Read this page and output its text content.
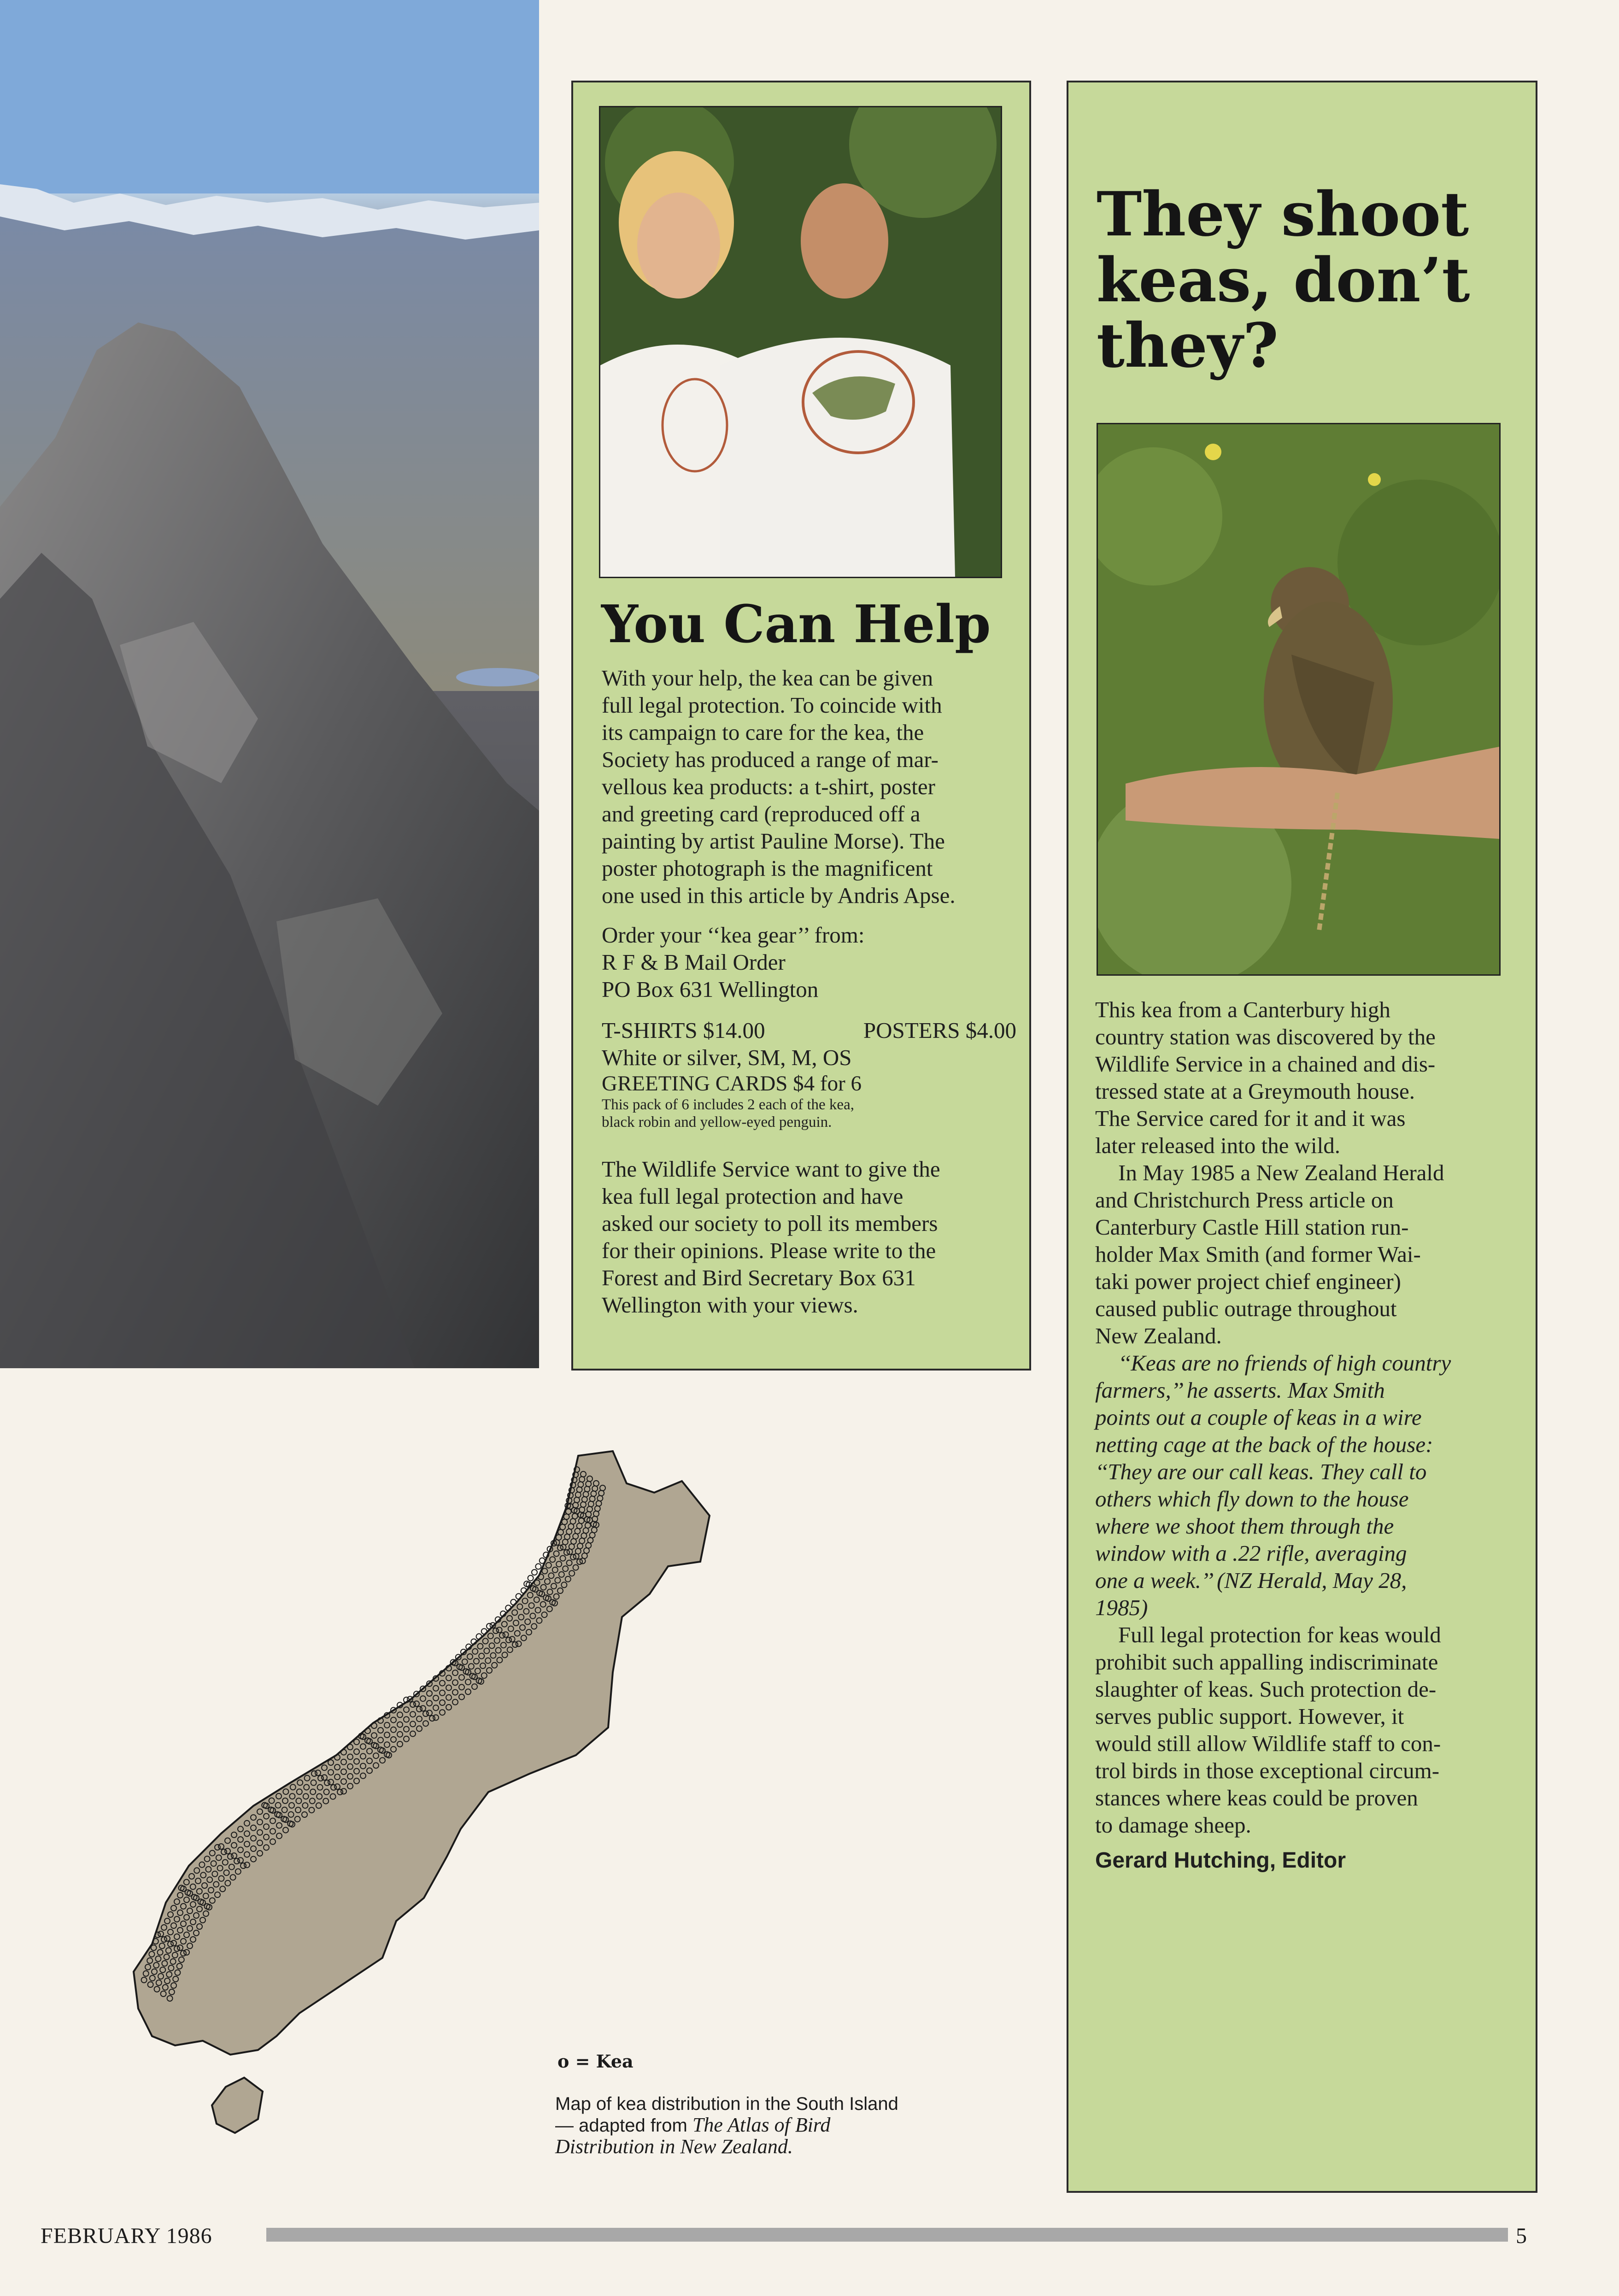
You Can Help

With your help, the kea can be given

full legal protection. To coincide with

its campaign to care for the kea, the

Society has produced a range of mar-

vellous kea products: a t-shirt, poster

and greeting card (reproduced off a

painting by artist Pauline Morse). The

poster photograph is the magnificent

one used in this article by Andris Apse.

Order your ‘‘kea gear’’ from:

R F & B Mail Order

PO Box 631 Wellington

T-SHIRTS $14.00	POSTERS $4.00

White or silver, SM, M, OS

GREETING CARDS $4 for 6

This pack of 6 includes 2 each of the kea,

black robin and yellow-eyed penguin.

The Wildlife Service want to give the

kea full legal protection and have

asked our society to poll its members

for their opinions. Please write to the

Forest and Bird Secretary Box 631

Wellington with your views.

They shoot
keas, don’t
they?

This kea from a Canterbury high

country station was discovered by the

Wildlife Service in a chained and dis-

tressed state at a Greymouth house.

The Service cared for it and it was

later released into the wild.

In May 1985 a New Zealand Herald

and Christchurch Press article on

Canterbury Castle Hill station run-

holder Max Smith (and former Wai-

taki power project chief engineer)

caused public outrage throughout

New Zealand.

‘‘Keas are no friends of high country

farmers,’’ he asserts. Max Smith

points out a couple of keas in a wire

netting cage at the back of the house:

‘‘They are our call keas. They call to

others which fly down to the house

where we shoot them through the

window with a .22 rifle, averaging

one a week.’’ (NZ Herald, May 28,

1985)

Full legal protection for keas would

prohibit such appalling indiscriminate

slaughter of keas. Such protection de-

serves public support. However, it

would still allow Wildlife staff to con-

trol birds in those exceptional circum-

stances where keas could be proven

to damage sheep.

Gerard Hutching, Editor

o = Kea
Map of kea distribution in the South Island
— adapted from The Atlas of Bird
Distribution in New Zealand.
FEBRUARY 1986	5
